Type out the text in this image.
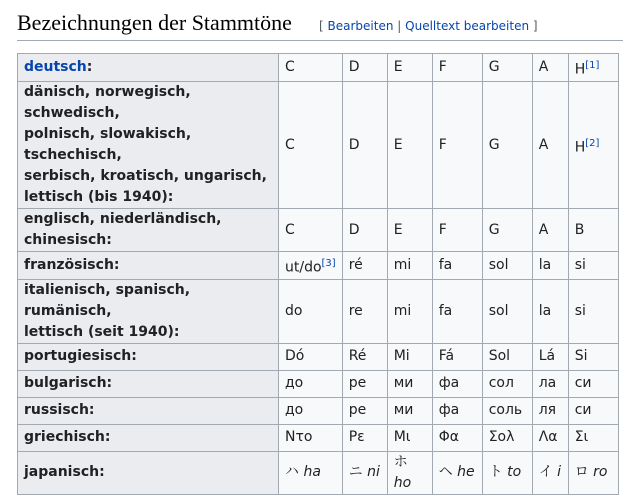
Bezeichnungen der Stammtöne [ Bearbeiten | Quelltext bearbeiten ]
deutsch:	C	D	E	F	G	A	H[1]
dänisch, norwegisch, schwedisch,
polnisch, slowakisch, tschechisch,
serbisch, kroatisch, ungarisch,
lettisch (bis 1940):	C	D	E	F	G	A	H[2]
englisch, niederländisch, chinesisch:	C	D	E	F	G	A	B
französisch:	ut/do[3]	ré	mi	fa	sol	la	si
italienisch, spanisch, rumänisch,
lettisch (seit 1940):	do	re	mi	fa	sol	la	si
portugiesisch:	Dó	Ré	Mi	Fá	Sol	Lá	Si
bulgarisch:	до	ре	ми	фа	сол	ла	си
russisch:	до	ре	ми	фа	соль	ля	си
griechisch:	Ντο	Ρε	Μι	Φα	Σολ	Λα	Σι
japanisch:	ハ ha	ニ ni	ホ ho	ヘ he	ト to	イ i	ロ ro
